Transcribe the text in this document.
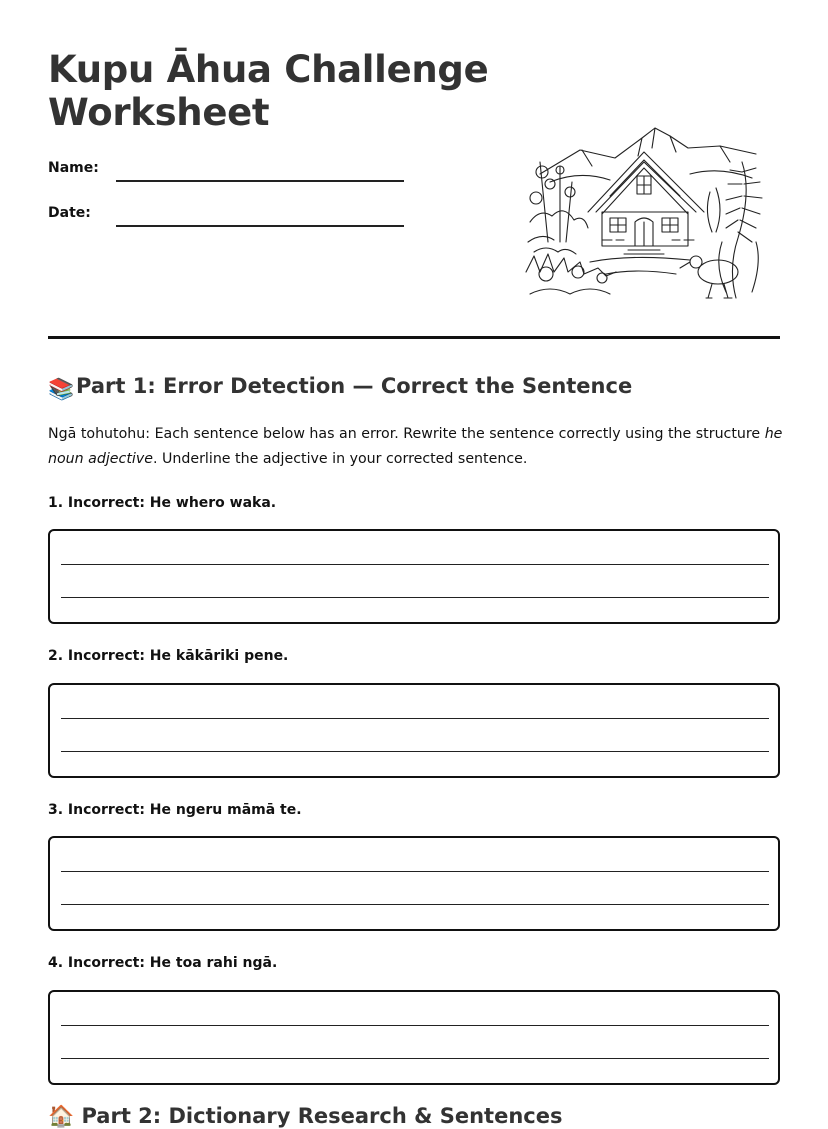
Kupu Āhua Challenge
Worksheet
Name:
Date:
📚Part 1: Error Detection — Correct the Sentence

Ngā tohutohu: Each sentence below has an error. Rewrite the sentence correctly using the structure he noun adjective. Underline the adjective in your corrected sentence.

1. Incorrect: He whero waka.
2. Incorrect: He kākāriki pene.
3. Incorrect: He ngeru māmā te.
4. Incorrect: He toa rahi ngā.
🏠 Part 2: Dictionary Research & Sentences
